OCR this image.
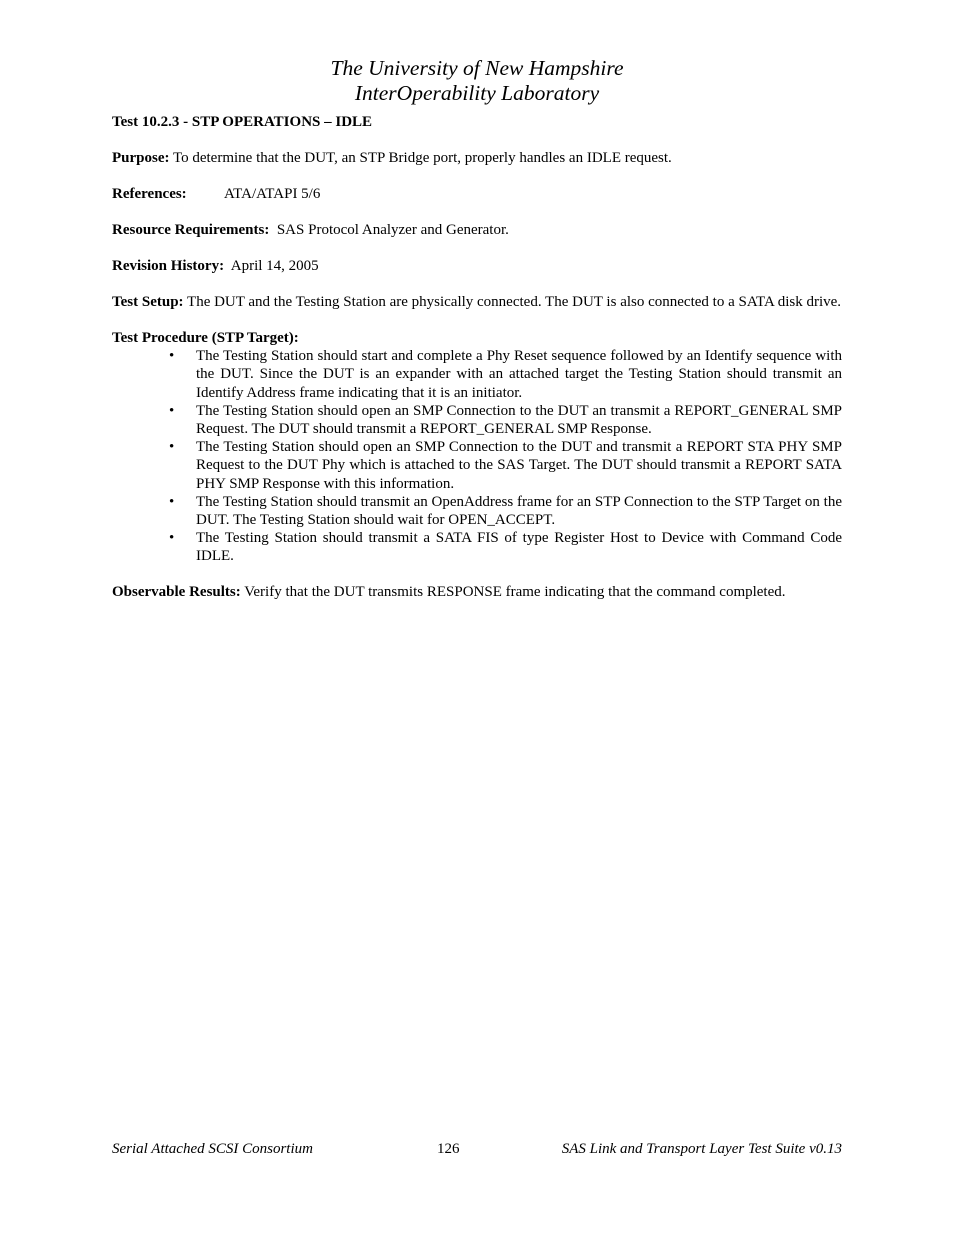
The University of New Hampshire
InterOperability Laboratory

Test 10.2.3 - STP OPERATIONS – IDLE

Purpose: To determine that the DUT, an STP Bridge port, properly handles an IDLE request.

References: ATA/ATAPI 5/6

Resource Requirements:  SAS Protocol Analyzer and Generator.

Revision History:  April 14, 2005

Test Setup: The DUT and the Testing Station are physically connected. The DUT is also connected to a SATA disk drive.

Test Procedure (STP Target):

• The Testing Station should start and complete a Phy Reset sequence followed by an Identify sequence with the DUT. Since the DUT is an expander with an attached target the Testing Station should transmit an Identify Address frame indicating that it is an initiator.
• The Testing Station should open an SMP Connection to the DUT an transmit a REPORT_GENERAL SMP Request. The DUT should transmit a REPORT_GENERAL SMP Response.
• The Testing Station should open an SMP Connection to the DUT and transmit a REPORT STA PHY SMP Request to the DUT Phy which is attached to the SAS Target. The DUT should transmit a REPORT SATA PHY SMP Response with this information.
• The Testing Station should transmit an OpenAddress frame for an STP Connection to the STP Target on the DUT. The Testing Station should wait for OPEN_ACCEPT.
• The Testing Station should transmit a SATA FIS of type Register Host to Device with Command Code IDLE.

Observable Results: Verify that the DUT transmits RESPONSE frame indicating that the command completed.

Serial Attached SCSI Consortium	126	SAS Link and Transport Layer Test Suite v0.13
